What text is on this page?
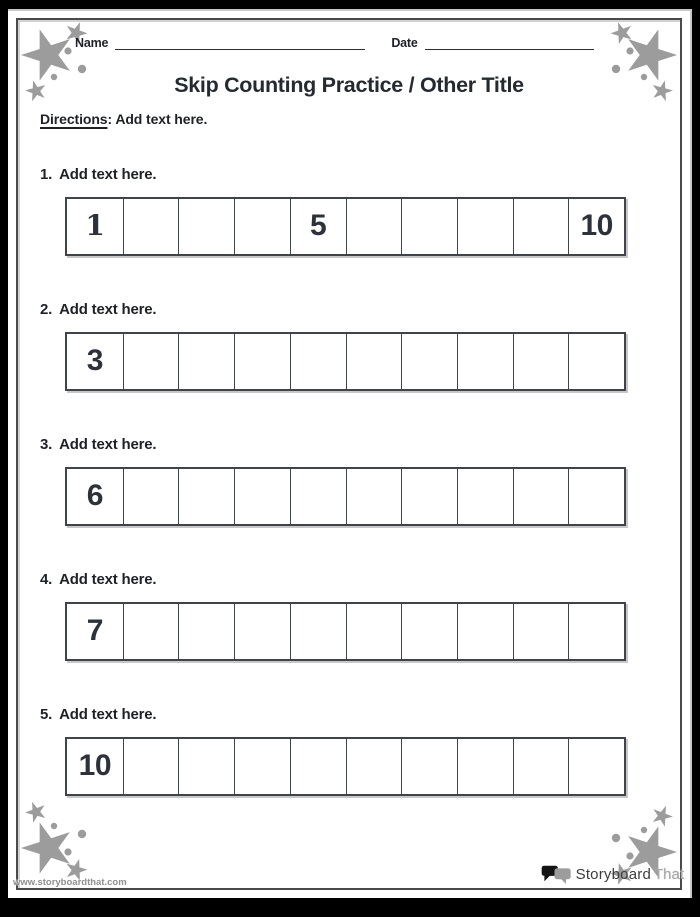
Name	Date
Skip Counting Practice / Other Title
Directions: Add text here.
1. Add text here.
1	5	10
2. Add text here.
3
3. Add text here.
6
4. Add text here.
7
5. Add text here.
10
www.storyboardthat.com	Storyboard That
